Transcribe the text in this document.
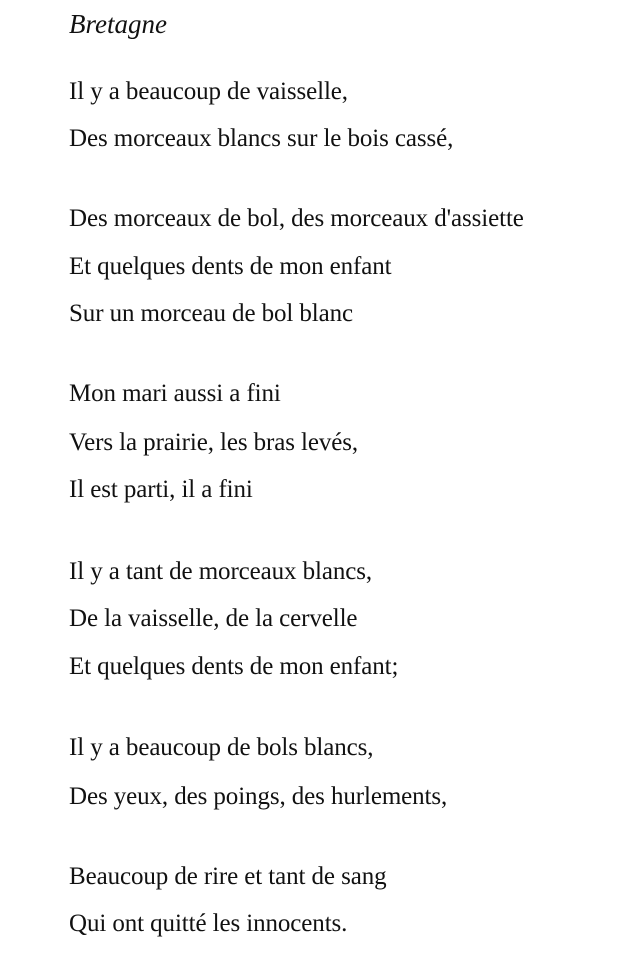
Bretagne
Il y a beaucoup de vaisselle,
Des morceaux blancs sur le bois cassé,
Des morceaux de bol, des morceaux d'assiette
Et quelques dents de mon enfant
Sur un morceau de bol blanc
Mon mari aussi a fini
Vers la prairie, les bras levés,
Il est parti, il a fini
Il y a tant de morceaux blancs,
De la vaisselle, de la cervelle
Et quelques dents de mon enfant;
Il y a beaucoup de bols blancs,
Des yeux, des poings, des hurlements,
Beaucoup de rire et tant de sang
Qui ont quitté les innocents.
